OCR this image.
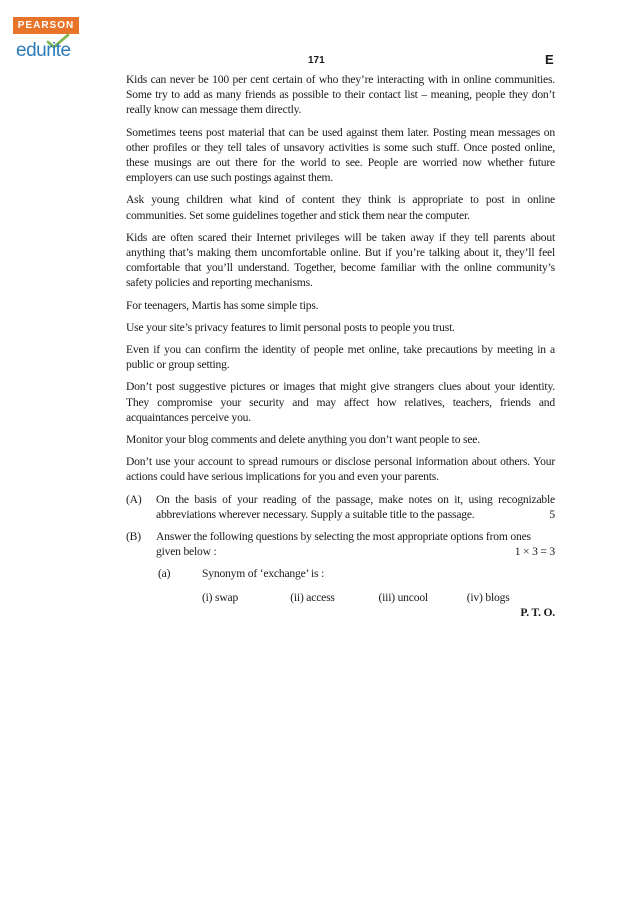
PEARSON
edurite	171	E

Kids can never be 100 per cent certain of who they’re interacting with in online communities. Some try to add as many friends as possible to their contact list – meaning, people they don’t really know can message them directly.

Sometimes teens post material that can be used against them later. Posting mean messages on other profiles or they tell tales of unsavory activities is some such stuff. Once posted online, these musings are out there for the world to see. People are worried now whether future employers can use such postings against them.

Ask young children what kind of content they think is appropriate to post in online communities. Set some guidelines together and stick them near the computer.

Kids are often scared their Internet privileges will be taken away if they tell parents about anything that’s making them uncomfortable online. But if you’re talking about it, they’ll feel comfortable that you’ll understand. Together, become familiar with the online community’s safety policies and reporting mechanisms.

For teenagers, Martis has some simple tips.

Use your site’s privacy features to limit personal posts to people you trust.

Even if you can confirm the identity of people met online, take precautions by meeting in a public or group setting.

Don’t post suggestive pictures or images that might give strangers clues about your identity. They compromise your security and may affect how relatives, teachers, friends and acquaintances perceive you.

Monitor your blog comments and delete anything you don’t want people to see.

Don’t use your account to spread rumours or disclose personal information about others. Your actions could have serious implications for you and even your parents.

(A)	On the basis of your reading of the passage, make notes on it, using recognizable abbreviations wherever necessary. Supply a suitable title to the passage.	5
(B)	Answer the following questions by selecting the most appropriate options from ones
given below :	1 × 3 = 3
(a)	Synonym of ‘exchange’ is :
(i) swap	(ii) access	(iii) uncool	(iv) blogs
P. T. O.
